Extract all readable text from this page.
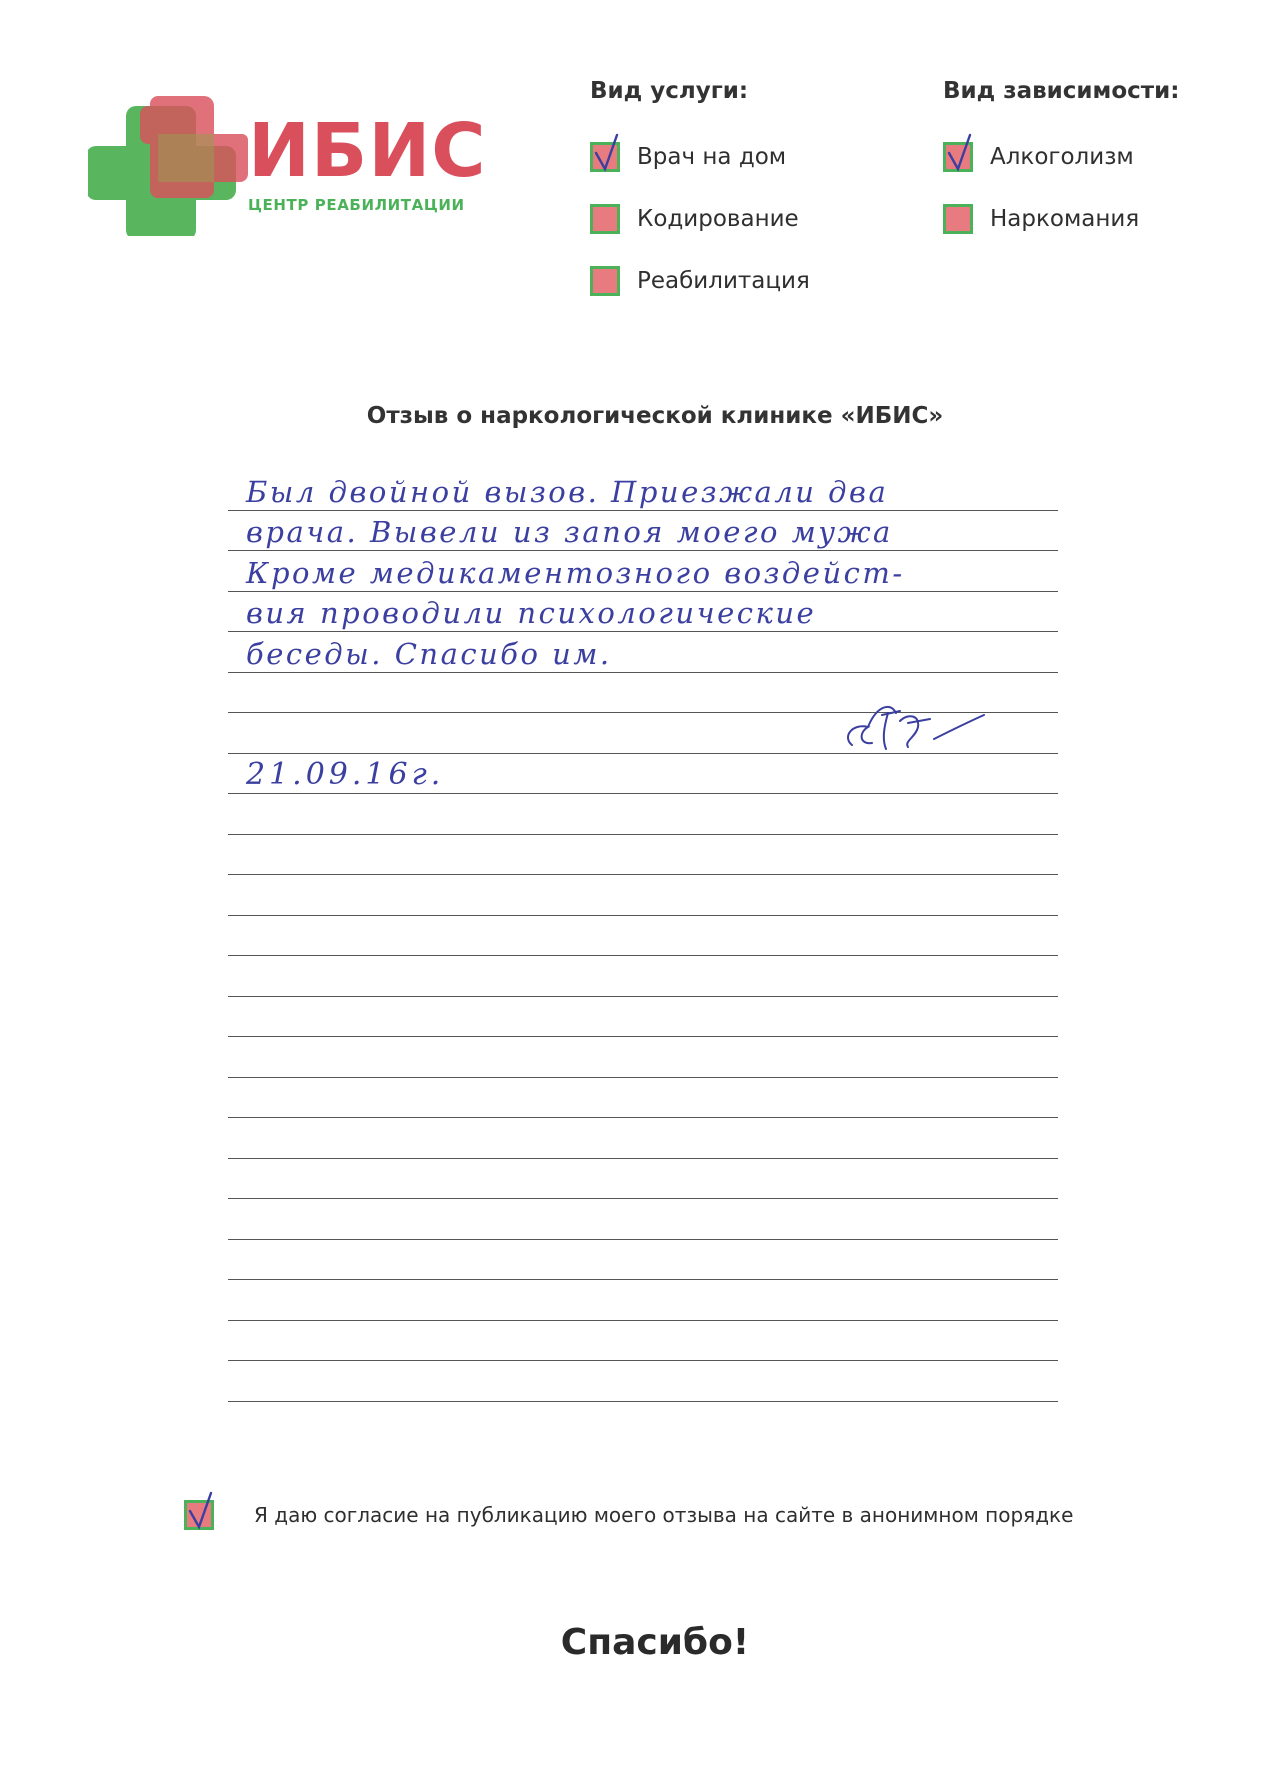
ИБИС
ЦЕНТР РЕАБИЛИТАЦИИ
Вид услуги:
Врач на дом
Кодирование
Реабилитация
Вид зависимости:
Алкоголизм
Наркомания
Отзыв о наркологической клинике «ИБИС»
Был двойной вызов. Приезжали два
врача. Вывели из запоя моего мужа
Кроме медикаментозного воздейст-
вия проводили психологические
беседы. Спасибо им.
21.09.16г.
Я даю согласие на публикацию моего отзыва на сайте в анонимном порядке
Спасибо!
